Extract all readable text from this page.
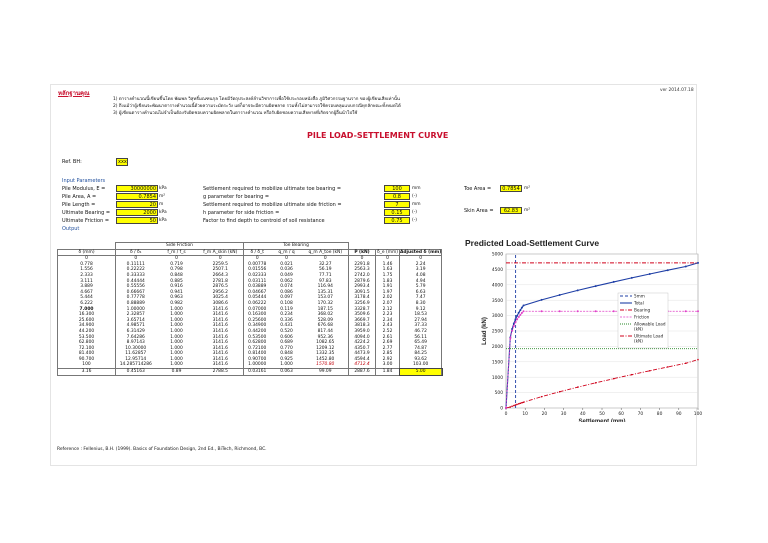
หลักฐานคุณ	ver 2014.07.18
1) ตารางคำนวณนี้เขียนขึ้นโดย พัฒพล วิสุทธิ์มณฑนกุล โดยมีวัตถุประสงค์ลำนวิชาการเพื่อใช้ประกอบหนังสือ ภูมิวิศวกรรมฐานราก ของผู้เขียนเสียเท่านั้น
2) ถึงแม้ว่าผู้เขียนจะพัฒนาตารางคำนวณนี้ด้วยความระมัดระวัง แต่ก็อาจจะมีความผิดพลาด รวมทั้งไม่สามารถใช้ครอบคลุมแบบกรณีทุกลักษณะทั้งหมดได้
3) ผู้เขียนตารางคำนวณไม่จำเป็นต้องรับผิดชอบความผิดพลาดในตารางคำนวณ หรือรับผิดชอบความเสียหายที่เกิดจากผู้อื่นนำไปใช้
PILE LOAD-SETTLEMENT CURVE
Ref. BH:	xxx
Input Parameters
Pile Modulus, E =	30000000 kPa
Pile Area, A =	0.7854 m²
Pile Length =	20 m
Ultimate Bearing =	2000 kPa
Ultimate Friction =	50 kPa
Output
Settlement required to mobilize ultimate toe bearing =	100	mm
g parameter for bearing =	0.8	(-)
Settlement required to mobilize ultimate side friction =	7	mm
h parameter for side friction =	0.15	(-)
Factor to find depth to centroid of soil resistance	0.75	(-)
Toe Area =	0.7854 m²
Skin Area =	62.83	m²
	Side Friction			Toe Bearing					
δ (mm)	δ / δ₁	f_m / f_s	f_m A_skin (kN)	δ / δ_t	q_m / q	q_m A_toe (kN)	P (kN)	δ_e (mm)	Adjusted δ (mm)
0	0	0	0	0	0	0	0	0	0
0.778	0.11111	0.719	2259.5	0.00778	0.021	32.27	2291.8	1.46	2.24
1.556	0.22222	0.798	2507.1	0.01556	0.036	56.19	2563.3	1.63	3.19
2.333	0.33333	0.848	2664.3	0.02333	0.049	77.71	2742.0	1.75	4.08
3.111	0.44444	0.885	2781.8	0.03111	0.062	97.83	2879.6	1.83	4.94
3.889	0.55556	0.916	2876.5	0.03889	0.074	116.94	2993.4	1.91	5.79
4.667	0.66667	0.941	2956.2	0.04667	0.086	135.31	3091.5	1.97	6.63
5.444	0.77778	0.963	3025.4	0.05444	0.097	153.07	3178.4	2.02	7.47
6.222	0.88889	0.982	3086.6	0.06222	0.108	170.32	3256.9	2.07	8.30
7.000	1.00000	1.000	3141.6	0.07000	0.119	187.15	3328.7	2.12	9.12
16.300	2.32857	1.000	3141.6	0.16300	0.234	368.02	3509.6	2.23	18.53
25.600	3.65714	1.000	3141.6	0.25600	0.336	528.09	3669.7	2.34	27.94
34.900	4.98571	1.000	3141.6	0.34900	0.431	676.68	3818.3	2.43	37.33
44.200	6.31429	1.000	3141.6	0.44200	0.520	817.44	3959.0	2.52	46.72
53.500	7.64286	1.000	3141.6	0.53500	0.606	952.36	4094.0	2.61	56.11
62.800	8.97143	1.000	3141.6	0.62800	0.689	1082.65	4224.2	2.69	65.49
72.100	10.30000	1.000	3141.6	0.72100	0.770	1209.12	4350.7	2.77	74.87
81.400	11.62857	1.000	3141.6	0.81400	0.848	1332.35	4473.9	2.85	84.25
90.700	12.95714	1.000	3141.6	0.90700	0.925	1452.80	4594.4	2.92	93.62
100	14.285714286	1.000	3141.6	1.00000	1.000	1570.80	4712.4	3.00	103.00
3.16	0.45163	0.89	2788.5	0.03161	0.063	99.09	2887.6	1.84	5.00
Reference : Fellenius, B.H. (1999). Basics of Foundation Design, 2nd Ed., BiTech, Richmond, BC.
Predicted Load-Settlement Curve
0
500
1000
1500
2000
2500
3000
3500
4000
4500
5000
0	10	20	30	40	50	60	70	80	90	100
Settlement (mm)
Load (kN)
5mm
Total
Bearing
Friction
Allowable Load
(kN)
Ultimate Load
(kN)
